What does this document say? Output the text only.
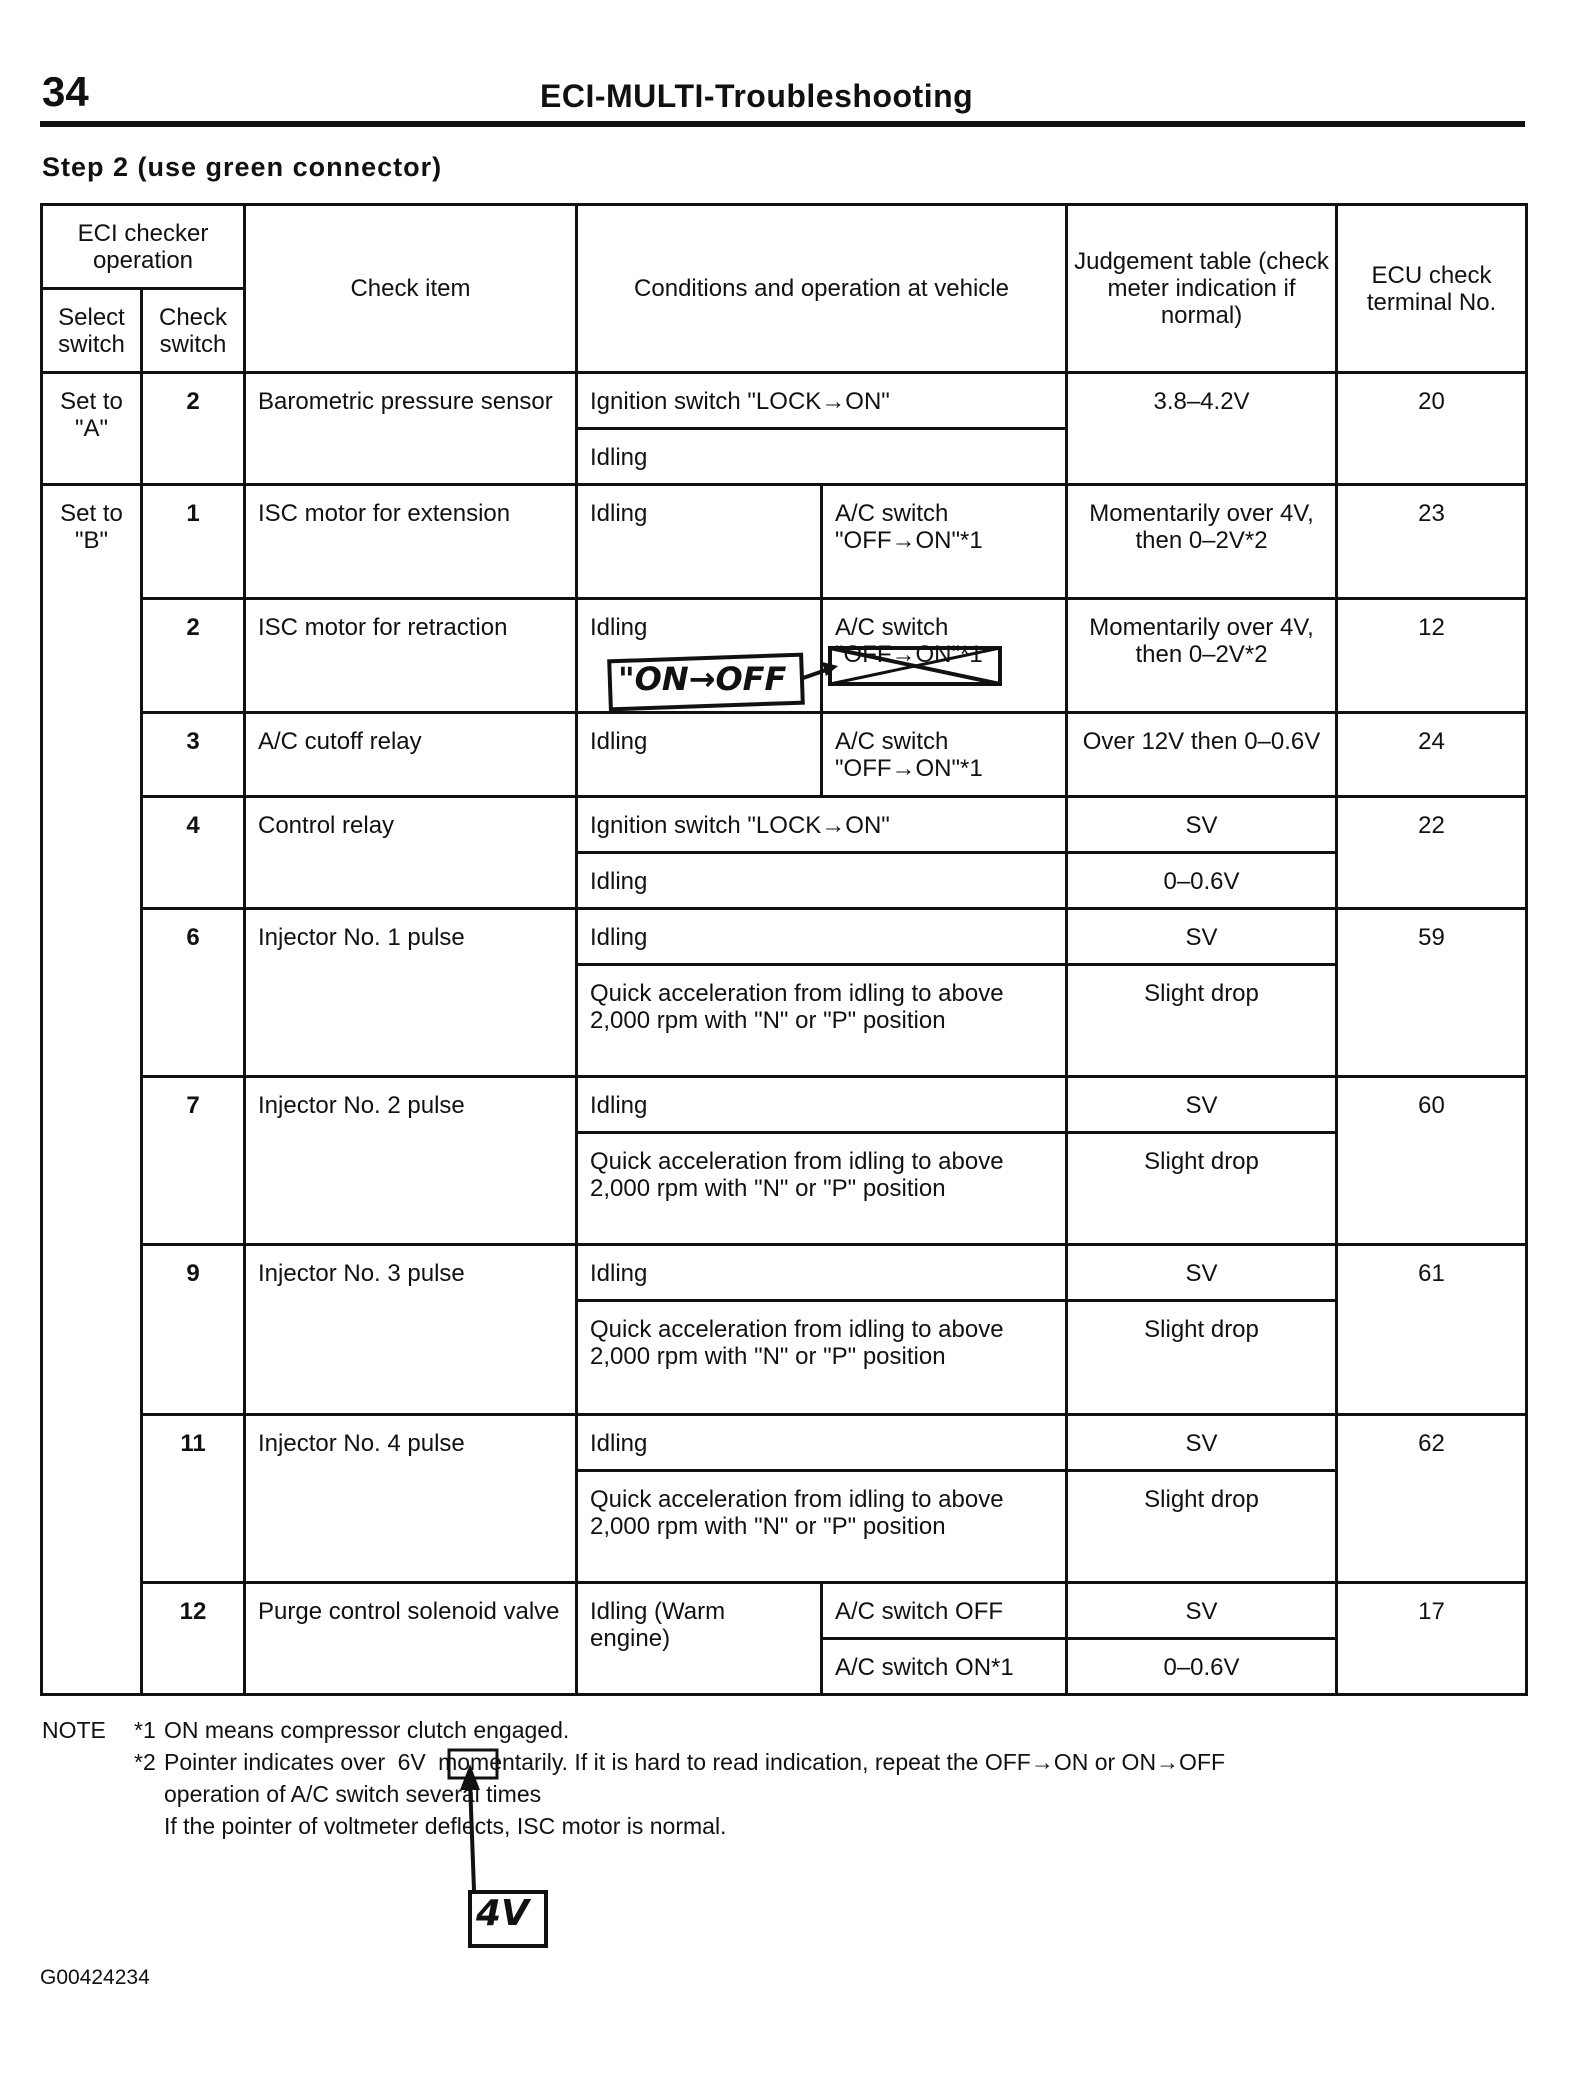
34	ECI-MULTI-Troubleshooting
Step 2 (use green connector)
ECI checker operation		Check item	Conditions and operation at vehicle		Judgement table (check meter indication if normal)	ECU check terminal No.
Select switch	Check switch					
Set to "A"	2	Barometric pressure sensor	Ignition switch "LOCK→ON"		3.8–4.2V	20
			Idling			
Set to "B"	1	ISC motor for extension	Idling	A/C switch "OFF→ON"*1	Momentarily over 4V, then 0–2V*2	23
	2	ISC motor for retraction	Idling	A/C switch "OFF→ON"*1	Momentarily over 4V, then 0–2V*2	12
	3	A/C cutoff relay	Idling	A/C switch "OFF→ON"*1	Over 12V then 0–0.6V	24
	4	Control relay	Ignition switch "LOCK→ON"		SV	22
			Idling		0–0.6V	
	6	Injector No. 1 pulse	Idling		SV	59
			Quick acceleration from idling to above 2,000 rpm with "N" or "P" position		Slight drop	
	7	Injector No. 2 pulse	Idling		SV	60
			Quick acceleration from idling to above 2,000 rpm with "N" or "P" position		Slight drop	
	9	Injector No. 3 pulse	Idling		SV	61
			Quick acceleration from idling to above 2,000 rpm with "N" or "P" position		Slight drop	
	11	Injector No. 4 pulse	Idling		SV	62
			Quick acceleration from idling to above 2,000 rpm with "N" or "P" position		Slight drop	
	12	Purge control solenoid valve	Idling (Warm engine)	A/C switch OFF	SV	17
				A/C switch ON*1	0–0.6V	
"ON→OFF
NOTE	*1 ON means compressor clutch engaged.
*2 Pointer indicates over 6V momentarily. If it is hard to read indication, repeat the OFF→ON or ON→OFF
operation of A/C switch several times
If the pointer of voltmeter deflects, ISC motor is normal.
4V
G00424234
